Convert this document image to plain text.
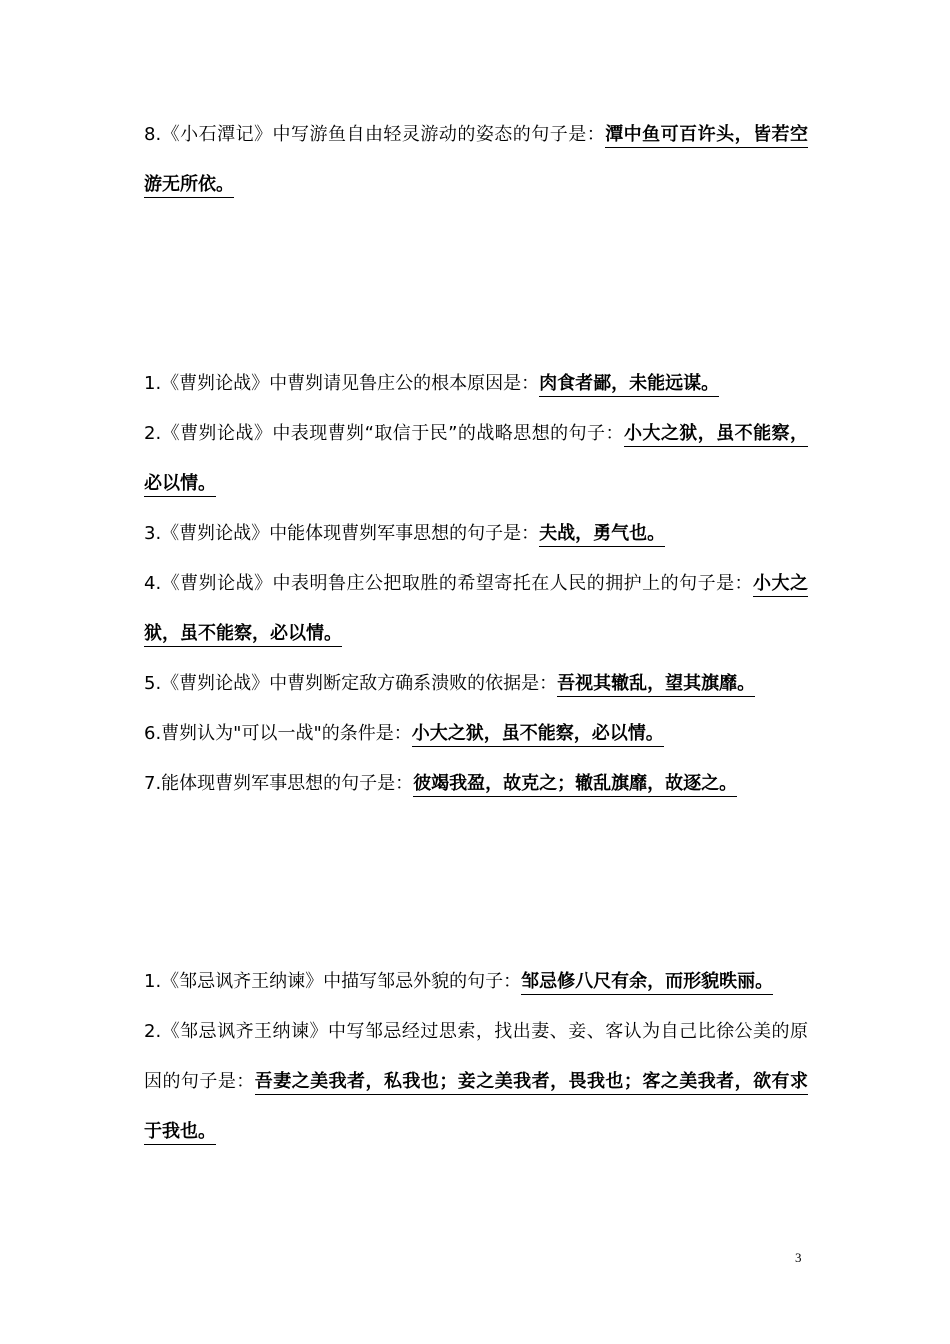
8.《小石潭记》中写游鱼自由轻灵游动的姿态的句子是：潭中鱼可百许头，皆若空游无所依。

1.《曹刿论战》中曹刿请见鲁庄公的根本原因是：肉食者鄙，未能远谋。

2.《曹刿论战》中表现曹刿“取信于民”的战略思想的句子：小大之狱，虽不能察，必以情。

3.《曹刿论战》中能体现曹刿军事思想的句子是：夫战，勇气也。

4.《曹刿论战》中表明鲁庄公把取胜的希望寄托在人民的拥护上的句子是：小大之狱，虽不能察，必以情。

5.《曹刿论战》中曹刿断定敌方确系溃败的依据是：吾视其辙乱，望其旗靡。

6.曹刿认为"可以一战"的条件是：小大之狱，虽不能察，必以情。

7.能体现曹刿军事思想的句子是：彼竭我盈，故克之；辙乱旗靡，故逐之。

1.《邹忌讽齐王纳谏》中描写邹忌外貌的句子：邹忌修八尺有余，而形貌昳丽。

2.《邹忌讽齐王纳谏》中写邹忌经过思索，找出妻、妾、客认为自己比徐公美的原因的句子是：吾妻之美我者，私我也；妾之美我者，畏我也；客之美我者，欲有求于我也。

3
